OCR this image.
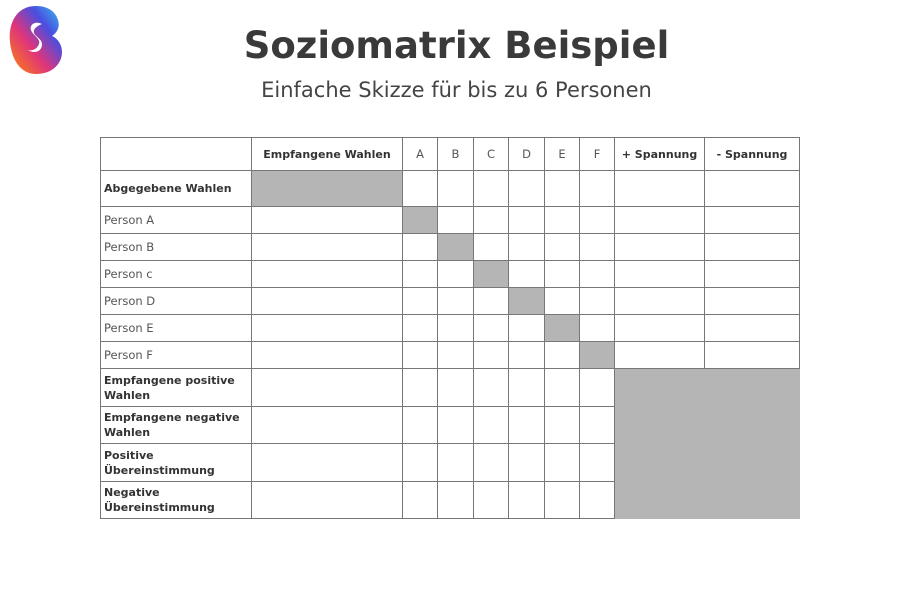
Soziomatrix Beispiel
Einfache Skizze für bis zu 6 Personen
	Empfangene Wahlen	A	B	C	D	E	F	+ Spannung	- Spannung
Abgegebene Wahlen									
Person A									
Person B									
Person c									
Person D									
Person E									
Person F									
Empfangene positive Wahlen									
Empfangene negative Wahlen									
Positive Übereinstimmung									
Negative Übereinstimmung									
